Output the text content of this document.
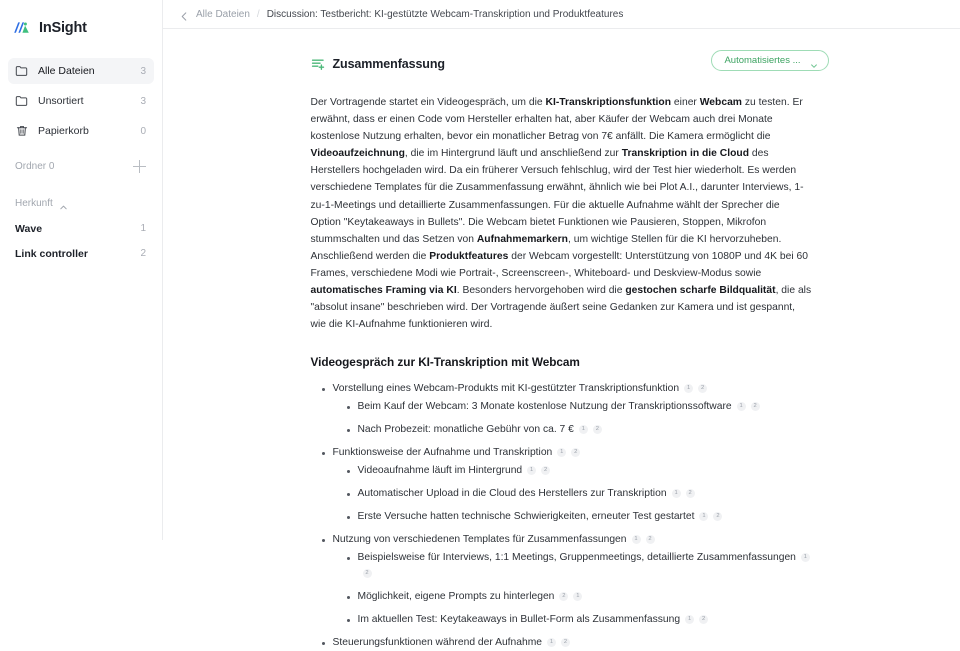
InSight
Alle Dateien	3
Unsortiert	3
Papierkorb	0
Ordner 0
Herkunft
Wave	1
Link controller	2
Alle Dateien / Discussion: Testbericht: KI-gestützte Webcam-Transkription und Produktfeatures
Zusammenfassung	Automatisiertes ...

Der Vortragende startet ein Videogespräch, um die KI-Transkriptionsfunktion einer Webcam zu testen. Er erwähnt, dass er einen Code vom Hersteller erhalten hat, aber Käufer der Webcam auch drei Monate kostenlose Nutzung erhalten, bevor ein monatlicher Betrag von 7€ anfällt. Die Kamera ermöglicht die Videoaufzeichnung, die im Hintergrund läuft und anschließend zur Transkription in die Cloud des Herstellers hochgeladen wird. Da ein früherer Versuch fehlschlug, wird der Test hier wiederholt. Es werden verschiedene Templates für die Zusammenfassung erwähnt, ähnlich wie bei Plot A.I., darunter Interviews, 1-zu-1-Meetings und detaillierte Zusammenfassungen. Für die aktuelle Aufnahme wählt der Sprecher die Option "Keytakeaways in Bullets". Die Webcam bietet Funktionen wie Pausieren, Stoppen, Mikrofon stummschalten und das Setzen von Aufnahmemarkern, um wichtige Stellen für die KI hervorzuheben. Anschließend werden die Produktfeatures der Webcam vorgestellt: Unterstützung von 1080P und 4K bei 60 Frames, verschiedene Modi wie Portrait-, Screenscreen-, Whiteboard- und Deskview-Modus sowie automatisches Framing via KI. Besonders hervorgehoben wird die gestochen scharfe Bildqualität, die als "absolut insane" beschrieben wird. Der Vortragende äußert seine Gedanken zur Kamera und ist gespannt, wie die KI-Aufnahme funktionieren wird.

Videogespräch zur KI-Transkription mit Webcam
Vorstellung eines Webcam-Produkts mit KI-gestützter Transkriptionsfunktion 1 2
Beim Kauf der Webcam: 3 Monate kostenlose Nutzung der Transkriptionssoftware 1 2
Nach Probezeit: monatliche Gebühr von ca. 7 € 1 2
Funktionsweise der Aufnahme und Transkription 1 2
Videoaufnahme läuft im Hintergrund 1 2
Automatischer Upload in die Cloud des Herstellers zur Transkription 1 2
Erste Versuche hatten technische Schwierigkeiten, erneuter Test gestartet 1 2
Nutzung von verschiedenen Templates für Zusammenfassungen 1 2
Beispielsweise für Interviews, 1:1 Meetings, Gruppenmeetings, detaillierte Zusammenfassungen 12
Möglichkeit, eigene Prompts zu hinterlegen 2 1
Im aktuellen Test: Keytakeaways in Bullet-Form als Zusammenfassung 1 2
Steuerungsfunktionen während der Aufnahme 1 2
